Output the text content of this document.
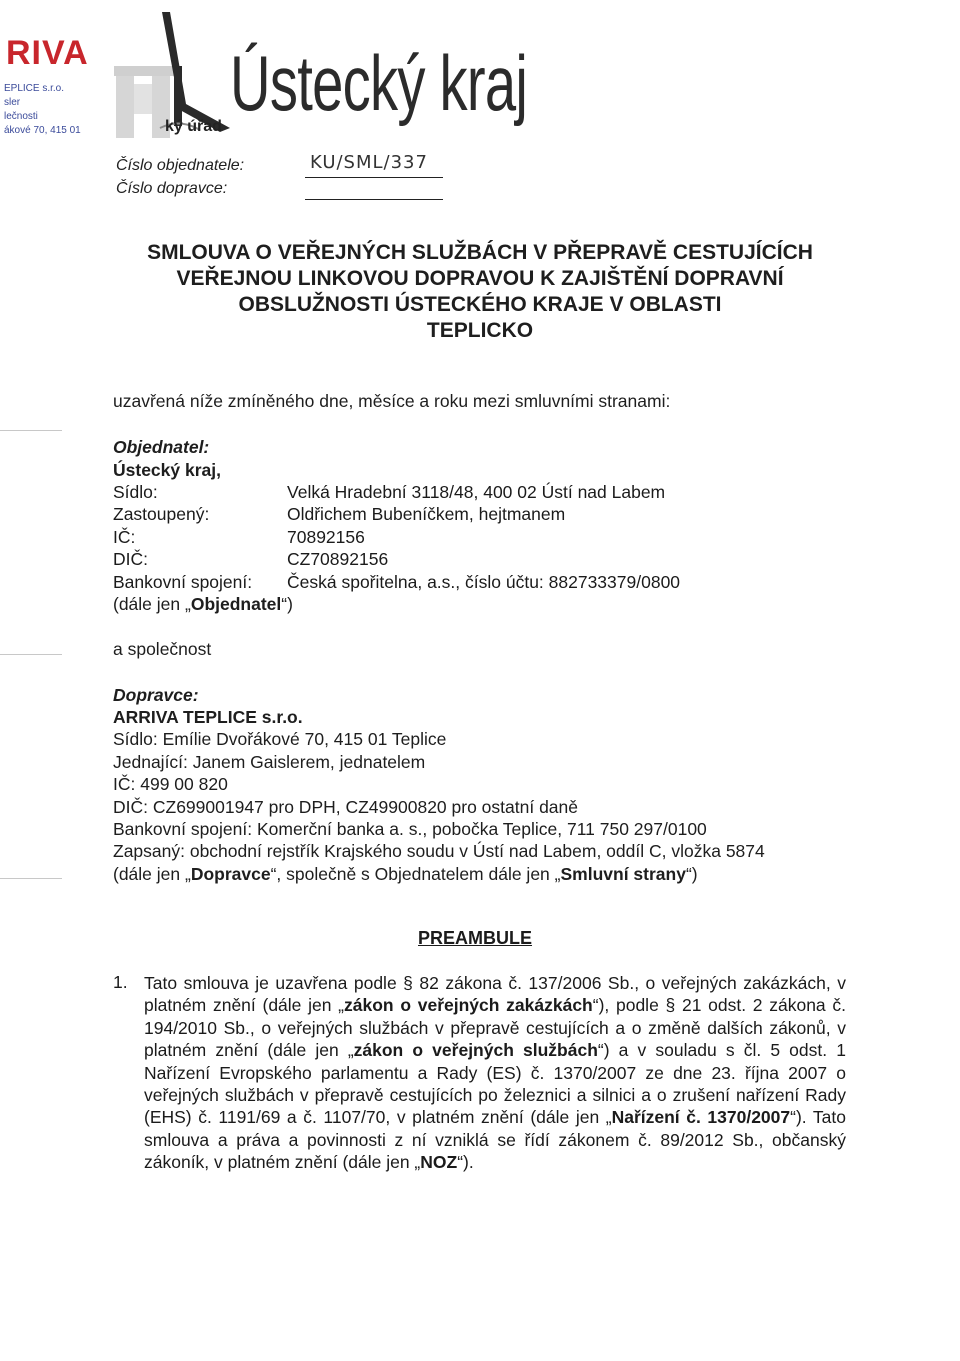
RIVA
EPLICE s.r.o.
sler
lečnosti
ákové 70, 415 01
Ústecký kraj
ký úřad
Číslo objednatele:	KU/SML/337
Číslo dopravce:
SMLOUVA O VEŘEJNÝCH SLUŽBÁCH V PŘEPRAVĚ CESTUJÍCÍCH
VEŘEJNOU LINKOVOU DOPRAVOU K ZAJIŠTĚNÍ DOPRAVNÍ
OBSLUŽNOSTI ÚSTECKÉHO KRAJE V OBLASTI
TEPLICKO
uzavřená níže zmíněného dne, měsíce a roku mezi smluvními stranami:
Objednatel:
Ústecký kraj,
Sídlo:	Velká Hradební 3118/48, 400 02 Ústí nad Labem
Zastoupený:	Oldřichem Bubeníčkem, hejtmanem
IČ:	70892156
DIČ:	CZ70892156
Bankovní spojení: Česká spořitelna, a.s., číslo účtu: 882733379/0800
(dále jen „Objednatel“)
a společnost
Dopravce:
ARRIVA TEPLICE s.r.o.
Sídlo: Emílie Dvořákové 70, 415 01 Teplice
Jednající: Janem Gaislerem, jednatelem
IČ: 499 00 820
DIČ: CZ699001947 pro DPH, CZ49900820 pro ostatní daně
Bankovní spojení: Komerční banka a. s., pobočka Teplice, 711 750 297/0100
Zapsaný: obchodní rejstřík Krajského soudu v Ústí nad Labem, oddíl C, vložka 5874
(dále jen „Dopravce“, společně s Objednatelem dále jen „Smluvní strany“)
PREAMBULE
1. Tato smlouva je uzavřena podle § 82 zákona č. 137/2006 Sb., o veřejných zakázkách, v platném znění (dále jen „zákon o veřejných zakázkách“), podle § 21 odst. 2 zákona č. 194/2010 Sb., o veřejných službách v přepravě cestujících a o změně dalších zákonů, v platném znění (dále jen „zákon o veřejných službách“) a v souladu s čl. 5 odst. 1 Nařízení Evropského parlamentu a Rady (ES) č. 1370/2007 ze dne 23. října 2007 o veřejných službách v přepravě cestujících po železnici a silnici a o zrušení nařízení Rady (EHS) č. 1191/69 a č. 1107/70, v platném znění (dále jen „Nařízení č. 1370/2007“). Tato smlouva a práva a povinnosti z ní vzniklá se řídí zákonem č. 89/2012 Sb., občanský zákoník, v platném znění (dále jen „NOZ“).
